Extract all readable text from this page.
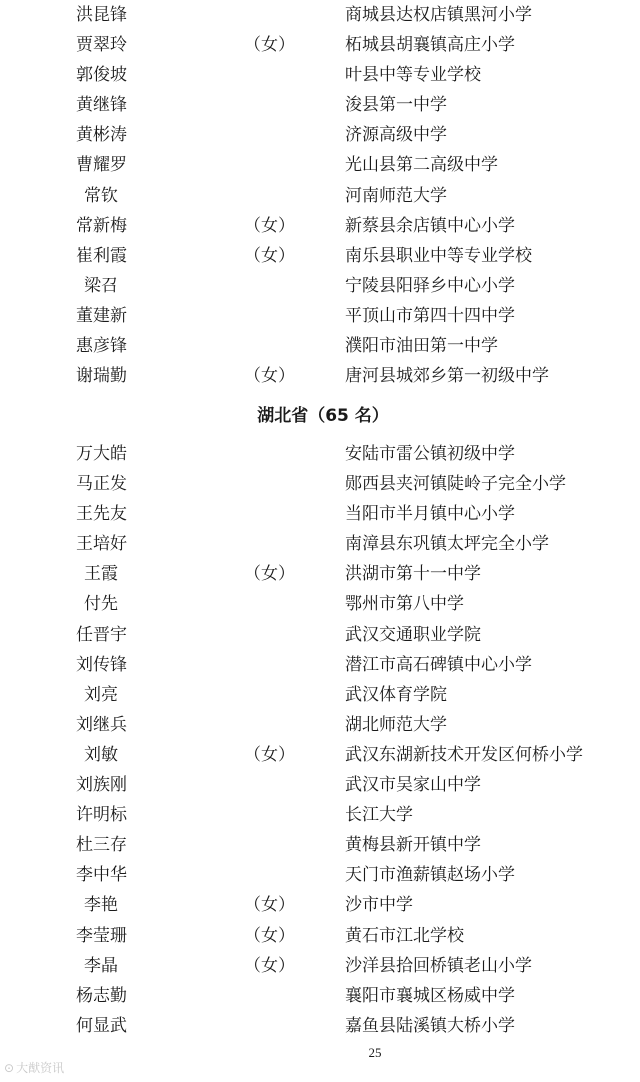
洪昆锋	商城县达权店镇黑河小学
贾翠玲	（女）	柘城县胡襄镇高庄小学
郭俊坡	叶县中等专业学校
黄继锋	浚县第一中学
黄彬涛	济源高级中学
曹耀罗	光山县第二高级中学
常钦	河南师范大学
常新梅	（女）	新蔡县余店镇中心小学
崔利霞	（女）	南乐县职业中等专业学校
梁召	宁陵县阳驿乡中心小学
董建新	平顶山市第四十四中学
惠彦锋	濮阳市油田第一中学
谢瑞勤	（女）	唐河县城郊乡第一初级中学
湖北省（65 名）
万大皓	安陆市雷公镇初级中学
马正发	郧西县夹河镇陡岭子完全小学
王先友	当阳市半月镇中心小学
王培好	南漳县东巩镇太坪完全小学
王霞	（女）	洪湖市第十一中学
付先	鄂州市第八中学
任晋宇	武汉交通职业学院
刘传锋	潜江市高石碑镇中心小学
刘亮	武汉体育学院
刘继兵	湖北师范大学
刘敏	（女）	武汉东湖新技术开发区何桥小学
刘族刚	武汉市吴家山中学
许明标	长江大学
杜三存	黄梅县新开镇中学
李中华	天门市渔薪镇赵场小学
李艳	（女）	沙市中学
李莹珊	（女）	黄石市江北学校
李晶	（女）	沙洋县拾回桥镇老山小学
杨志勤	襄阳市襄城区杨威中学
何显武	嘉鱼县陆溪镇大桥小学
25
⊙ 大猷资讯
